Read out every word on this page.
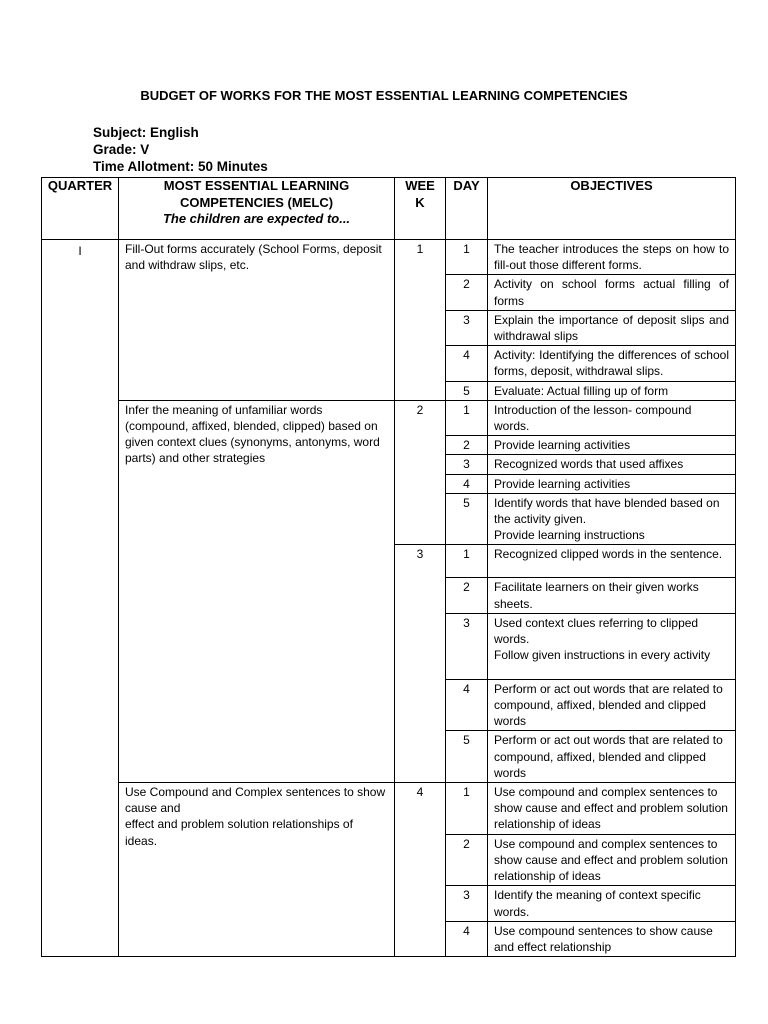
BUDGET OF WORKS FOR THE MOST ESSENTIAL LEARNING COMPETENCIES
Subject: English
Grade: V
Time Allotment: 50 Minutes
QUARTER	MOST ESSENTIAL LEARNING
COMPETENCIES (MELC)
The children are expected to...	WEE
K	DAY	OBJECTIVES
I	Fill-Out forms accurately (School Forms, deposit and withdraw slips, etc.	1	1	The teacher introduces the steps on how to fill-out those different forms.

			2	Activity on school forms actual filling of forms

			3	Explain the importance of deposit slips and withdrawal slips

			4	Activity: Identifying the differences of school forms, deposit, withdrawal slips.

			5	Evaluate: Actual filling up of form

	Infer the meaning of unfamiliar words (compound, affixed, blended, clipped) based on given context clues (synonyms, antonyms, word parts) and other strategies	2	1	Introduction of the lesson- compound words.

			2	Provide learning activities

			3	Recognized words that used affixes

			4	Provide learning activities

			5	Identify words that have blended based on the activity given.
Provide learning instructions

		3	1	Recognized clipped words in the sentence.

			2	Facilitate learners on their given works sheets.

			3	Used context clues referring to clipped words.
Follow given instructions in every activity

			4	Perform or act out words that are related to compound, affixed, blended and clipped words

			5	Perform or act out words that are related to compound, affixed, blended and clipped words

	Use Compound and Complex sentences to show cause and
effect and problem solution relationships of ideas.	4	1	Use compound and complex sentences to show cause and effect and problem solution relationship of ideas

			2	Use compound and complex sentences to show cause and effect and problem solution relationship of ideas

			3	Identify the meaning of context specific words.

			4	Use compound sentences to show cause and effect relationship
